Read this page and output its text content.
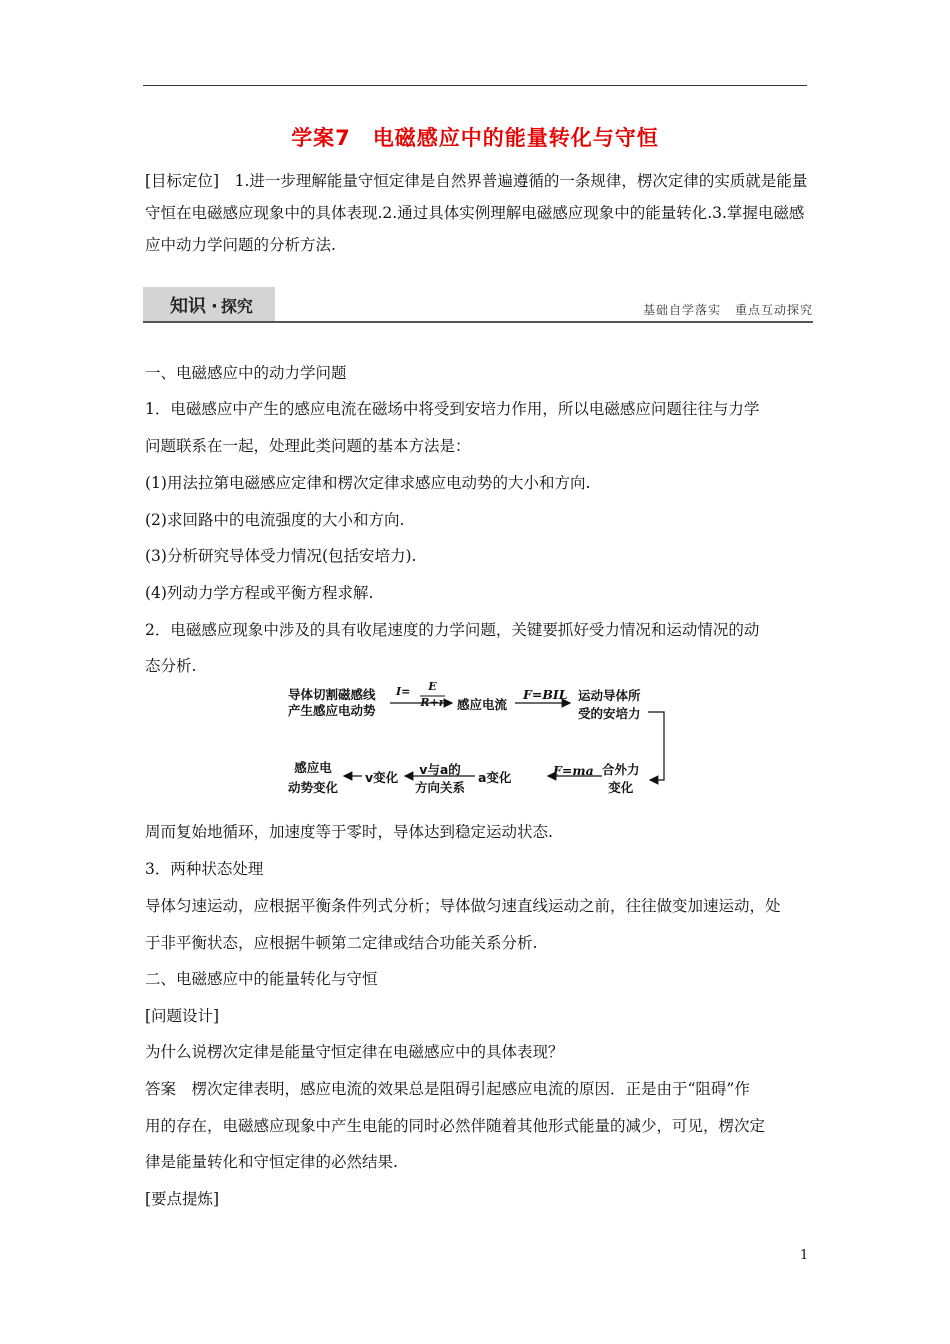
学案7 电磁感应中的能量转化与守恒
[目标定位]　1.进一步理解能量守恒定律是自然界普遍遵循的一条规律，楞次定律的实质就是能量守恒在电磁感应现象中的具体表现.2.通过具体实例理解电磁感应现象中的能量转化.3.掌握电磁感应中动力学问题的分析方法.
知识 · 探究	基础自学落实 重点互动探究
一、电磁感应中的动力学问题
1．电磁感应中产生的感应电流在磁场中将受到安培力作用，所以电磁感应问题往往与力学
问题联系在一起，处理此类问题的基本方法是：
(1)用法拉第电磁感应定律和楞次定律求感应电动势的大小和方向.
(2)求回路中的电流强度的大小和方向.
(3)分析研究导体受力情况(包括安培力).
(4)列动力学方程或平衡方程求解.
2．电磁感应现象中涉及的具有收尾速度的力学问题，关键要抓好受力情况和运动情况的动
态分析.
导体切割磁感线
产生感应电动势
I=	E
R+r 感应电流
F=BIL 运动导体所
受的安培力
合外力
变化
F=ma
a变化
v与a的
方向关系
v变化
感应电
动势变化
周而复始地循环，加速度等于零时，导体达到稳定运动状态.
3．两种状态处理
导体匀速运动，应根据平衡条件列式分析；导体做匀速直线运动之前，往往做变加速运动，处
于非平衡状态，应根据牛顿第二定律或结合功能关系分析.
二、电磁感应中的能量转化与守恒
[问题设计]
为什么说楞次定律是能量守恒定律在电磁感应中的具体表现？
答案　楞次定律表明，感应电流的效果总是阻碍引起感应电流的原因．正是由于“阻碍”作
用的存在，电磁感应现象中产生电能的同时必然伴随着其他形式能量的减少，可见，楞次定
律是能量转化和守恒定律的必然结果.
[要点提炼]
1
